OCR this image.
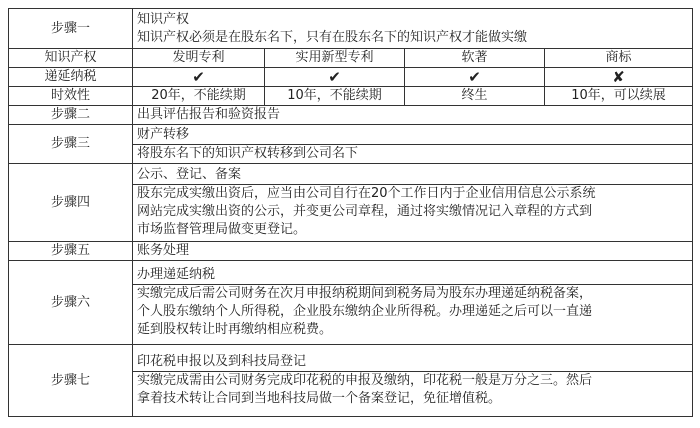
步骤一	知识产权
知识产权必须是在股东名下，只有在股东名下的知识产权才能做实缴			

知识产权	发明专利	实用新型专利	软著	商标
递延纳税	✔	✔	✔	✘
时效性	20年，不能续期	10年，不能续期	终生	10年，可以续展
步骤二	出具评估报告和验资报告			
步骤三	财产转移
将股东名下的知识产权转移到公司名下			

步骤四	公示、登记、备案
股东完成实缴出资后，应当由公司自行在20个工作日内于企业信用信息公示系统
网站完成实缴出资的公示，并变更公司章程，通过将实缴情况记入章程的方式到
市场监督管理局做变更登记。			

步骤五	账务处理			
步骤六	办理递延纳税
实缴完成后需公司财务在次月申报纳税期间到税务局为股东办理递延纳税备案，
个人股东缴纳个人所得税，企业股东缴纳企业所得税。办理递延之后可以一直递
延到股权转让时再缴纳相应税费。			

步骤七	印花税申报以及到科技局登记
实缴完成需由公司财务完成印花税的申报及缴纳，印花税一般是万分之三。然后
拿着技术转让合同到当地科技局做一个备案登记，免征增值税。			
